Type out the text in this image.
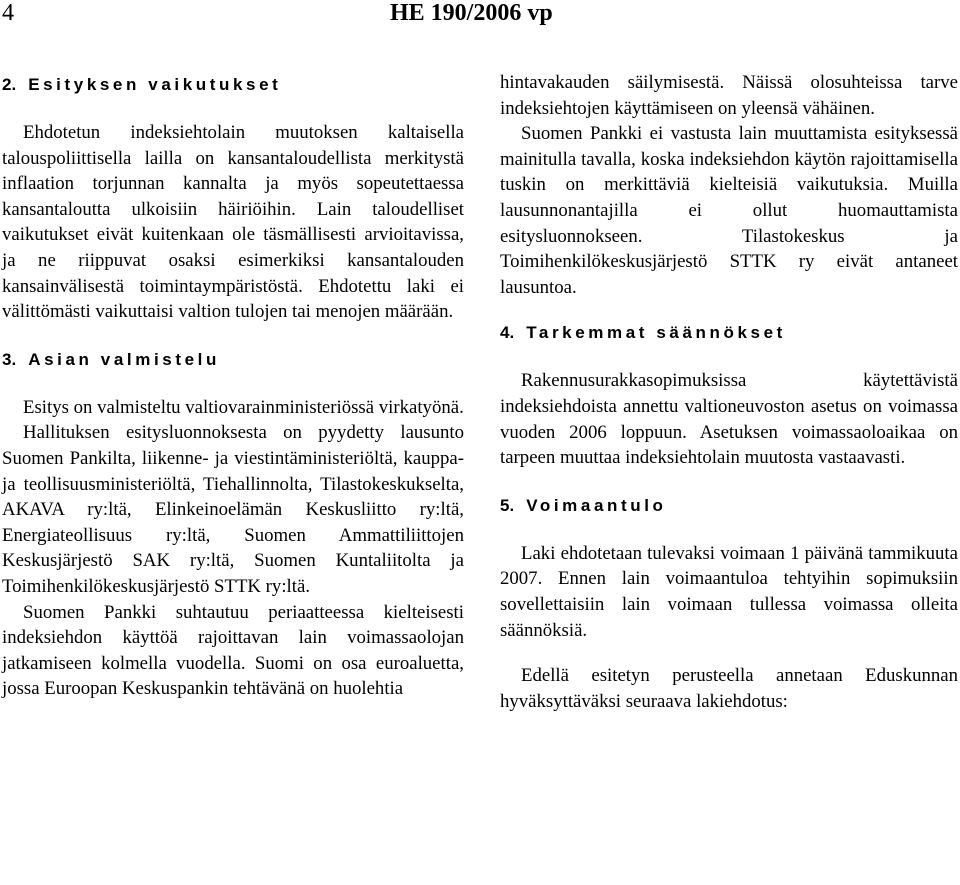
4	HE 190/2006 vp
2. Esityksen vaikutukset

Ehdotetun indeksiehtolain muutoksen kaltaisella talouspoliittisella lailla on kansantaloudellista merkitystä inflaation torjunnan kannalta ja myös sopeutettaessa kansantaloutta ulkoisiin häiriöihin. Lain taloudelliset vaikutukset eivät kuitenkaan ole täsmällisesti arvioitavissa, ja ne riippuvat osaksi esimerkiksi kansantalouden kansainvälisestä toimintaympäristöstä. Ehdotettu laki ei välittömästi vaikuttaisi valtion tulojen tai menojen määrään.

3. Asian valmistelu

Esitys on valmisteltu valtiovarainministeriössä virkatyönä.

Hallituksen esitysluonnoksesta on pyydetty lausunto Suomen Pankilta, liikenne- ja viestintäministeriöltä, kauppa- ja teollisuusministeriöltä, Tiehallinnolta, Tilastokeskukselta, AKAVA ry:ltä, Elinkeinoelämän Keskusliitto ry:ltä, Energiateollisuus ry:ltä, Suomen Ammattiliittojen Keskusjärjestö SAK ry:ltä, Suomen Kuntaliitolta ja Toimihenkilökeskusjärjestö STTK ry:ltä.

Suomen Pankki suhtautuu periaatteessa kielteisesti indeksiehdon käyttöä rajoittavan lain voimassaolojan jatkamiseen kolmella vuodella. Suomi on osa euroaluetta, jossa Euroopan Keskuspankin tehtävänä on huolehtia

hintavakauden säilymisestä. Näissä olosuhteissa tarve indeksiehtojen käyttämiseen on yleensä vähäinen.

Suomen Pankki ei vastusta lain muuttamista esityksessä mainitulla tavalla, koska indeksiehdon käytön rajoittamisella tuskin on merkittäviä kielteisiä vaikutuksia. Muilla lausunnonantajilla ei ollut huomauttamista esitysluonnokseen. Tilastokeskus ja Toimihenkilökeskusjärjestö STTK ry eivät antaneet lausuntoa.

4. Tarkemmat säännökset

Rakennusurakkasopimuksissa käytettävistä indeksiehdoista annettu valtioneuvoston asetus on voimassa vuoden 2006 loppuun. Asetuksen voimassaoloaikaa on tarpeen muuttaa indeksiehtolain muutosta vastaavasti.

5. Voimaantulo

Laki ehdotetaan tulevaksi voimaan 1 päivänä tammikuuta 2007. Ennen lain voimaantuloa tehtyihin sopimuksiin sovellettaisiin lain voimaan tullessa voimassa olleita säännöksiä.

Edellä esitetyn perusteella annetaan Eduskunnan hyväksyttäväksi seuraava lakiehdotus:
